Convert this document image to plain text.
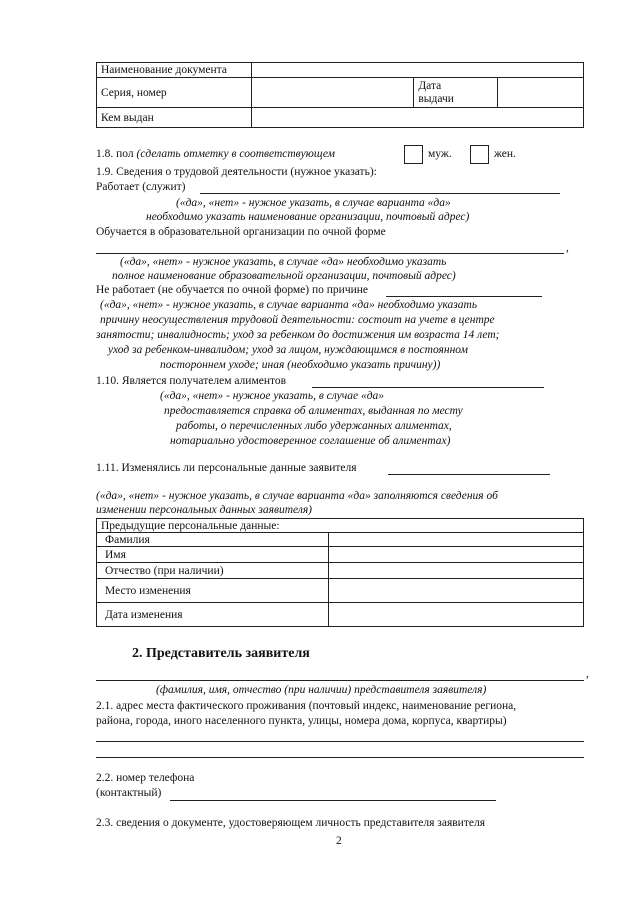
Наименование документа			
Серия, номер		Дата
выдачи	

Кем выдан			
1.8. пол (сделать отметку в соответствующем	муж.	жен.
1.9. Сведения о трудовой деятельности (нужное указать):
Работает (служит)
(«да», «нет» - нужное указать, в случае варианта «да»
необходимо указать наименование организации, почтовый адрес)
Обучается в образовательной организации по очной форме
,
(«да», «нет» - нужное указать, в случае «да» необходимо указать
полное наименование образовательной организации, почтовый адрес)
Не работает (не обучается по очной форме) по причине
(«да», «нет» - нужное указать, в случае варианта «да» необходимо указать
причину неосуществления трудовой деятельности: состоит на учете в центре
занятости; инвалидность; уход за ребенком до достижения им возраста 14 лет;
уход за ребенком-инвалидом; уход за лицом, нуждающимся в постоянном
постороннем уходе; иная (необходимо указать причину))
1.10. Является получателем алиментов
(«да», «нет» - нужное указать, в случае «да»
предоставляется справка об алиментах, выданная по месту
работы, о перечисленных либо удержанных алиментах,
нотариально удостоверенное соглашение об алиментах)
1.11. Изменялись ли персональные данные заявителя
(«да», «нет» - нужное указать, в случае варианта «да» заполняются сведения об
изменении персональных данных заявителя)
Предыдущие персональные данные:	
Фамилия	
Имя	
Отчество (при наличии)	
Место изменения	
Дата изменения	
2. Представитель заявителя
,
(фамилия, имя, отчество (при наличии) представителя заявителя)
2.1. адрес места фактического проживания (почтовый индекс, наименование региона,
района, города, иного населенного пункта, улицы, номера дома, корпуса, квартиры)
2.2. номер телефона
(контактный)
2.3. сведения о документе, удостоверяющем личность представителя заявителя
2
